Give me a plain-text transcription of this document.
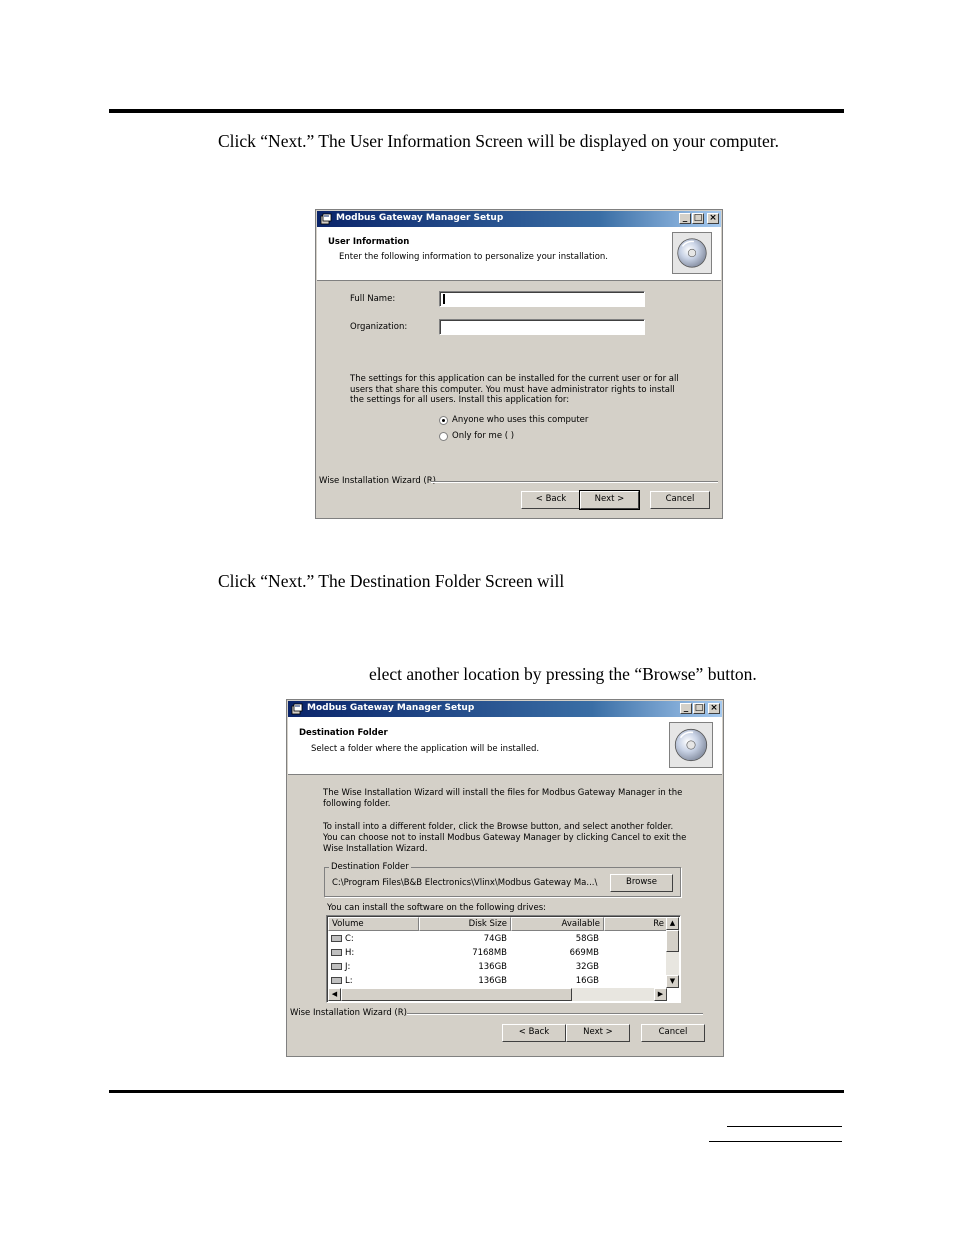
Click “Next.” The User Information Screen will be displayed on your computer.

Modbus Gateway Manager Setup	_ □ ×
User Information
Enter the following information to personalize your installation.
Full Name:
Organization:
The settings for this application can be installed for the current user or for all users that share this computer. You must have administrator rights to install the settings for all users. Install this application for:
Anyone who uses this computer
Only for me ( )
Wise Installation Wizard (R)
< Back	Next >	Cancel

Click “Next.” The Destination Folder Screen will

elect another location by pressing the “Browse” button.

Modbus Gateway Manager Setup	_ □ ×
Destination Folder
Select a folder where the application will be installed.
The Wise Installation Wizard will install the files for Modbus Gateway Manager in the following folder.
To install into a different folder, click the Browse button, and select another folder.
You can choose not to install Modbus Gateway Manager by clicking Cancel to exit the Wise Installation Wizard.
Destination Folder
C:\Program Files\B&B Electronics\Vlinx\Modbus Gateway Ma...\	Browse
You can install the software on the following drives:
Volume	Disk Size	Available	Re
C:	74GB	58GB
H:	7168MB	669MB
J:	136GB	32GB
L:	136GB	16GB
▲
▼
◀	▶
Wise Installation Wizard (R)
< Back	Next >	Cancel
